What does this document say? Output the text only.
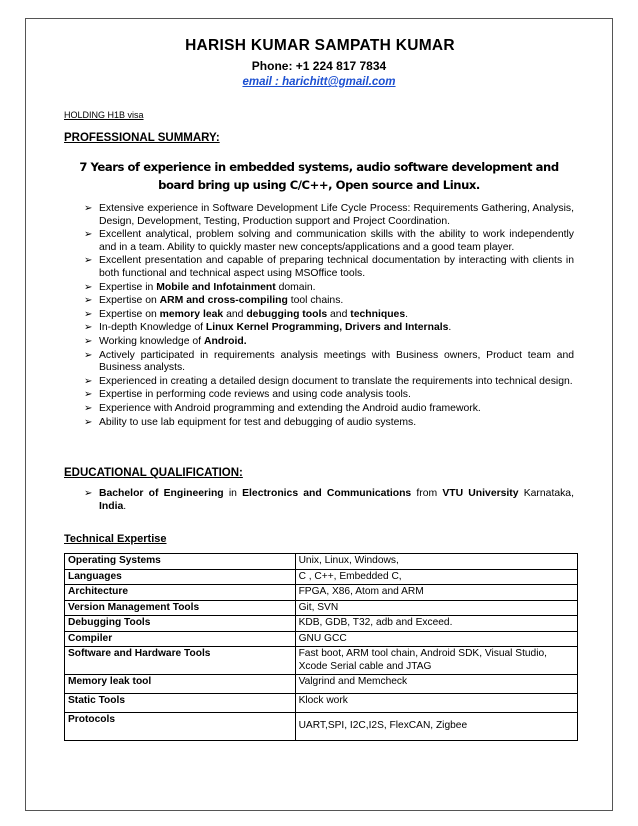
HARISH KUMAR SAMPATH KUMAR
Phone: +1 224 817 7834
email : harichitt@gmail.com
HOLDING H1B visa
PROFESSIONAL SUMMARY:
7 Years of experience in embedded systems, audio software development and board bring up using C/C++, Open source and Linux.
➢ Extensive experience in Software Development Life Cycle Process: Requirements Gathering, Analysis, Design, Development, Testing, Production support and Project Coordination.
➢ Excellent analytical, problem solving and communication skills with the ability to work independently and in a team. Ability to quickly master new concepts/applications and a good team player.
➢ Excellent presentation and capable of preparing technical documentation by interacting with clients in both functional and technical aspect using MSOffice tools.
➢ Expertise in Mobile and Infotainment domain.
➢ Expertise on ARM and cross-compiling tool chains.
➢ Expertise on memory leak and debugging tools and techniques.
➢ In-depth Knowledge of Linux Kernel Programming, Drivers and Internals.
➢ Working knowledge of Android.
➢ Actively participated in requirements analysis meetings with Business owners, Product team and Business analysts.
➢ Experienced in creating a detailed design document to translate the requirements into technical design.
➢ Expertise in performing code reviews and using code analysis tools.
➢ Experience with Android programming and extending the Android audio framework.
➢ Ability to use lab equipment for test and debugging of audio systems.
EDUCATIONAL QUALIFICATION:
➢ Bachelor of Engineering in Electronics and Communications from VTU University Karnataka, India.
Technical Expertise
Operating Systems	Unix, Linux, Windows,
Languages	C , C++, Embedded C,
Architecture	FPGA, X86, Atom and ARM
Version Management Tools	Git, SVN
Debugging Tools	KDB, GDB, T32, adb and Exceed.
Compiler	GNU GCC
Software and Hardware Tools	Fast boot, ARM tool chain, Android SDK, Visual Studio, Xcode Serial cable and JTAG
Memory leak tool	Valgrind and Memcheck
Static Tools	Klock work
Protocols	UART,SPI, I2C,I2S, FlexCAN, Zigbee
